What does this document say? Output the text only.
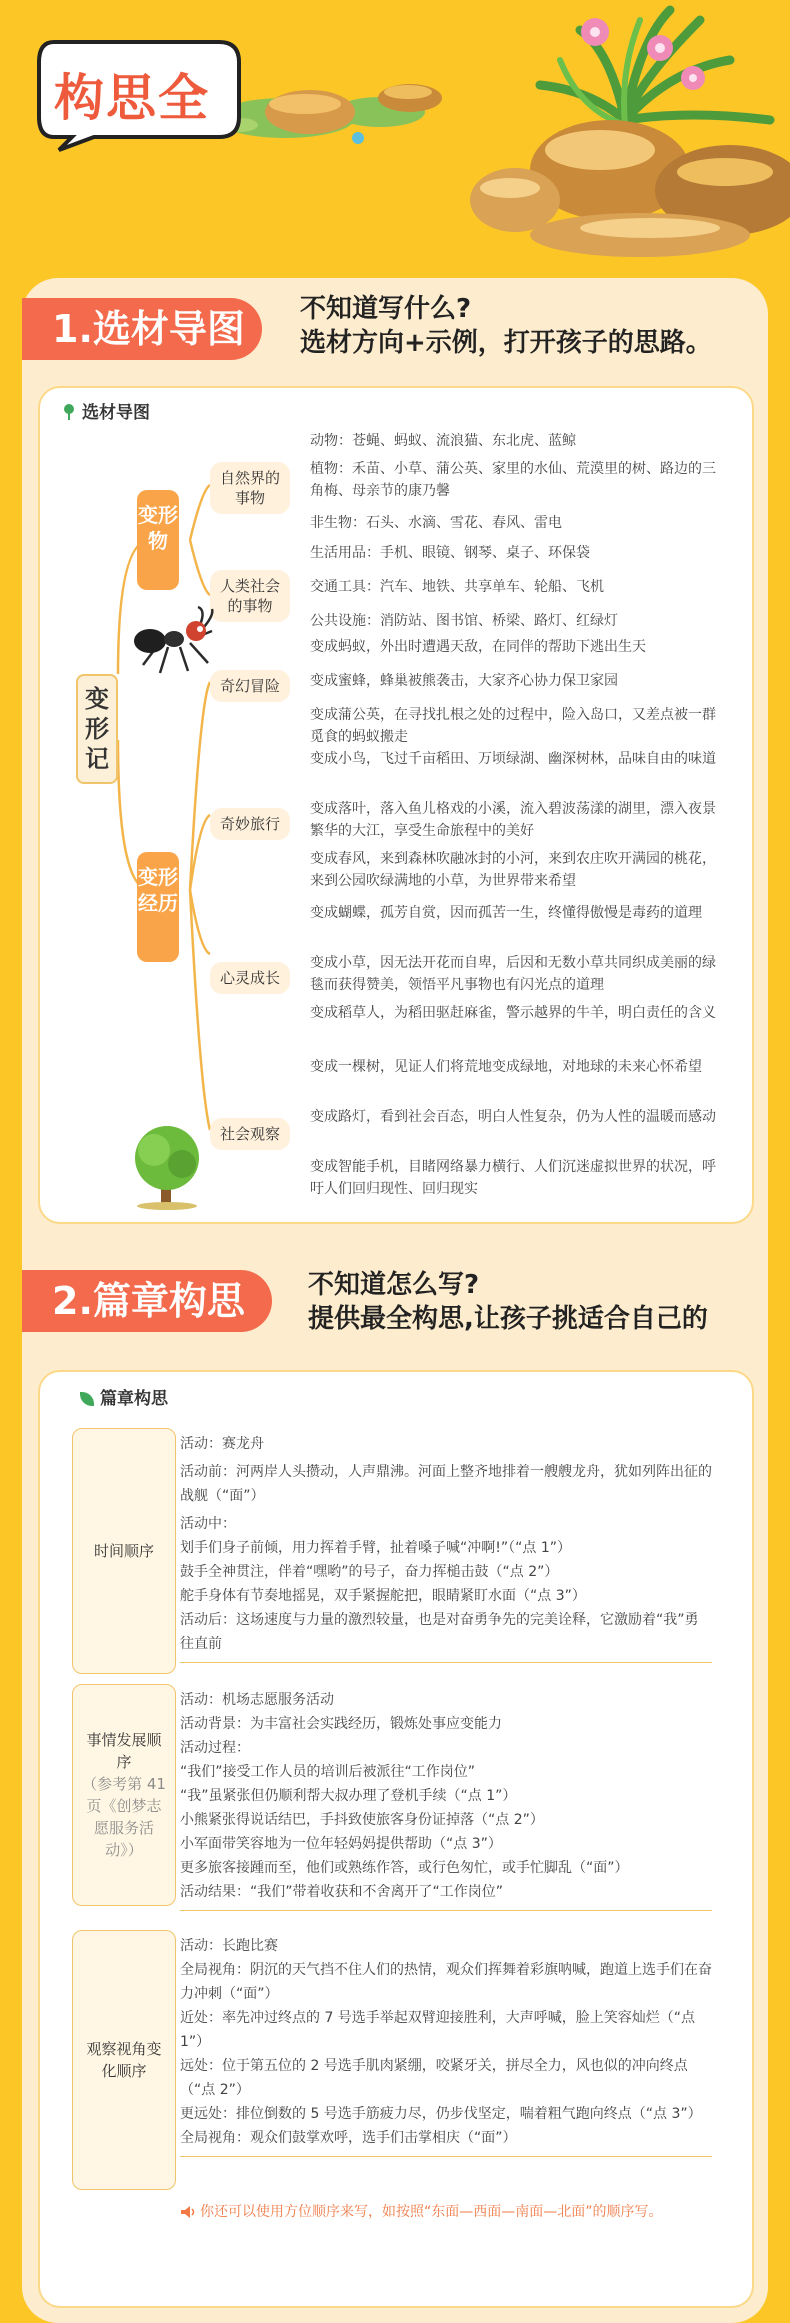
构思全
1.选材导图	不知道写什么?
选材方向+示例，打开孩子的思路。
选材导图
变形记
变形物
变形经历
自然界的事物
人类社会的事物
奇幻冒险
奇妙旅行
心灵成长
社会观察
动物：苍蝇、蚂蚁、流浪猫、东北虎、蓝鲸
植物：禾苗、小草、蒲公英、家里的水仙、荒漠里的树、路边的三角梅、母亲节的康乃馨
非生物：石头、水滴、雪花、春风、雷电
生活用品：手机、眼镜、钢琴、桌子、环保袋
交通工具：汽车、地铁、共享单车、轮船、飞机
公共设施：消防站、图书馆、桥梁、路灯、红绿灯
变成蚂蚁，外出时遭遇天敌，在同伴的帮助下逃出生天
变成蜜蜂，蜂巢被熊袭击，大家齐心协力保卫家园
变成蒲公英，在寻找扎根之处的过程中，险入岛口，又差点被一群觅食的蚂蚁搬走
变成小鸟，飞过千亩稻田、万顷绿湖、幽深树林，品味自由的味道
变成落叶，落入鱼儿格戏的小溪，流入碧波荡漾的湖里，漂入夜景繁华的大江，享受生命旅程中的美好
变成春风，来到森林吹融冰封的小河，来到农庄吹开满园的桃花，来到公园吹绿满地的小草，为世界带来希望
变成蝴蝶，孤芳自赏，因而孤苦一生，终懂得傲慢是毒药的道理
变成小草，因无法开花而自卑，后因和无数小草共同织成美丽的绿毯而获得赞美，领悟平凡事物也有闪光点的道理
变成稻草人，为稻田驱赶麻雀，警示越界的牛羊，明白责任的含义
变成一棵树，见证人们将荒地变成绿地，对地球的未来心怀希望
变成路灯，看到社会百态，明白人性复杂，仍为人性的温暖而感动
变成智能手机，目睹网络暴力横行、人们沉迷虚拟世界的状况，呼吁人们回归现性、回归现实
2.篇章构思	不知道怎么写?
提供最全构思,让孩子挑适合自己的
篇章构思
时间顺序
活动：赛龙舟
活动前：河两岸人头攒动，人声鼎沸。河面上整齐地排着一艘艘龙舟，犹如列阵出征的战舰（“面”）
活动中：
划手们身子前倾，用力挥着手臂，扯着嗓子喊“冲啊!”（“点 1”）
鼓手全神贯注，伴着“嘿哟”的号子，奋力挥槌击鼓（“点 2”）
舵手身体有节奏地摇晃，双手紧握舵把，眼睛紧盯水面（“点 3”）
活动后：这场速度与力量的激烈较量，也是对奋勇争先的完美诠释，它激励着“我”勇往直前
事情发展顺序
（参考第 41 页《创梦志愿服务活动》）
活动：机场志愿服务活动
活动背景：为丰富社会实践经历，锻炼处事应变能力
活动过程：
“我们”接受工作人员的培训后被派往“工作岗位”
“我”虽紧张但仍顺利帮大叔办理了登机手续（“点 1”）
小熊紧张得说话结巴，手抖致使旅客身份证掉落（“点 2”）
小军面带笑容地为一位年轻妈妈提供帮助（“点 3”）
更多旅客接踵而至，他们或熟练作答，或行色匆忙，或手忙脚乱（“面”）
活动结果：“我们”带着收获和不舍离开了“工作岗位”
观察视角变化顺序
活动：长跑比赛
全局视角：阴沉的天气挡不住人们的热情，观众们挥舞着彩旗呐喊，跑道上选手们在奋力冲刺（“面”）
近处：率先冲过终点的 7 号选手举起双臂迎接胜利，大声呼喊，脸上笑容灿烂（“点 1”）
远处：位于第五位的 2 号选手肌肉紧绷，咬紧牙关，拼尽全力，风也似的冲向终点（“点 2”）
更远处：排位倒数的 5 号选手筋疲力尽，仍步伐坚定，喘着粗气跑向终点（“点 3”）
全局视角：观众们鼓掌欢呼，选手们击掌相庆（“面”）
你还可以使用方位顺序来写，如按照“东面—西面—南面—北面”的顺序写。
